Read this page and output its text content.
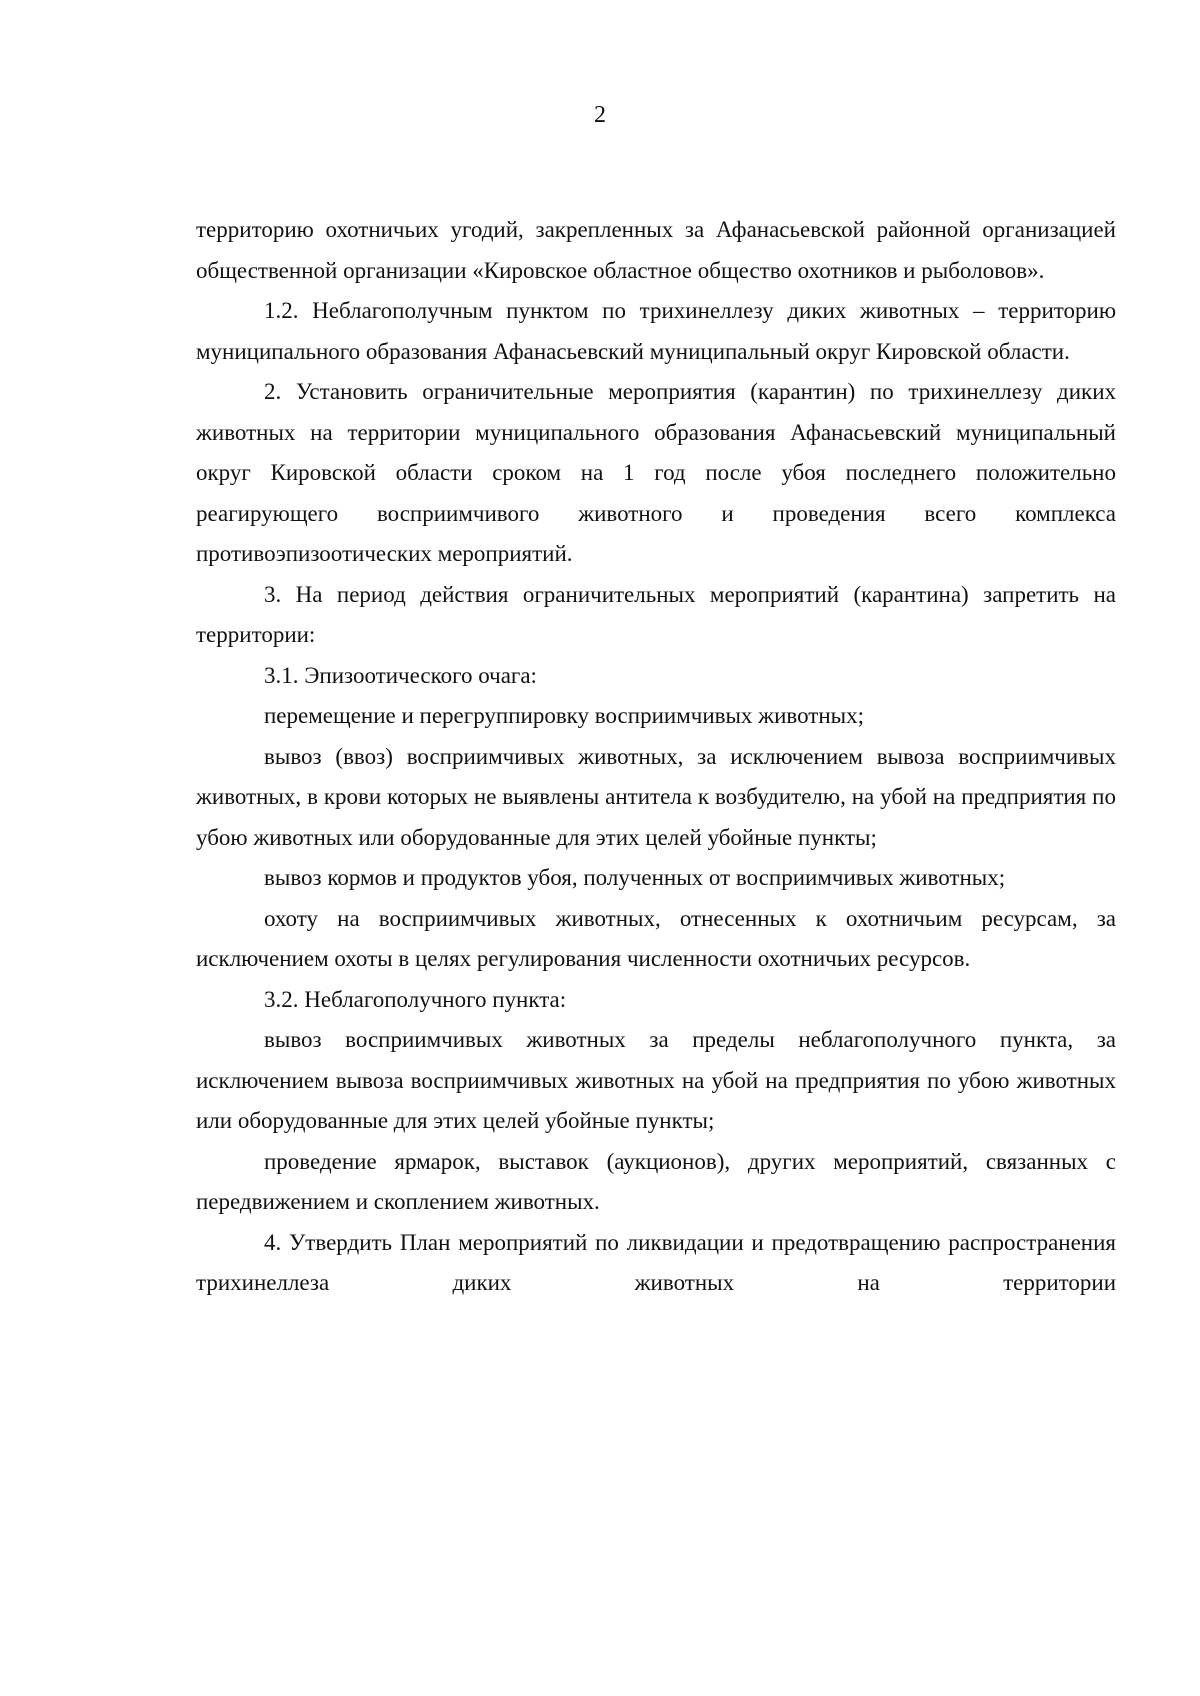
2

территорию охотничьих угодий, закрепленных за Афанасьевской районной организацией общественной организации «Кировское областное общество охотников и рыболовов».

1.2. Неблагополучным пунктом по трихинеллезу диких животных – территорию муниципального образования Афанасьевский муниципальный округ Кировской области.

2. Установить ограничительные мероприятия (карантин) по трихинеллезу диких животных на территории муниципального образования Афанасьевский муниципальный округ Кировской области сроком на 1 год после убоя последнего положительно реагирующего восприимчивого животного и проведения всего комплекса противоэпизоотических мероприятий.

3. На период действия ограничительных мероприятий (карантина) запретить на территории:

3.1. Эпизоотического очага:

перемещение и перегруппировку восприимчивых животных;

вывоз (ввоз) восприимчивых животных, за исключением вывоза восприимчивых животных, в крови которых не выявлены антитела к возбудителю, на убой на предприятия по убою животных или оборудованные для этих целей убойные пункты;

вывоз кормов и продуктов убоя, полученных от восприимчивых животных;

охоту на восприимчивых животных, отнесенных к охотничьим ресурсам, за исключением охоты в целях регулирования численности охотничьих ресурсов.

3.2. Неблагополучного пункта:

вывоз восприимчивых животных за пределы неблагополучного пункта, за исключением вывоза восприимчивых животных на убой на предприятия по убою животных или оборудованные для этих целей убойные пункты;

проведение ярмарок, выставок (аукционов), других мероприятий, связанных с передвижением и скоплением животных.

4. Утвердить План мероприятий по ликвидации и предотвращению распространения трихинеллеза диких животных на территории
